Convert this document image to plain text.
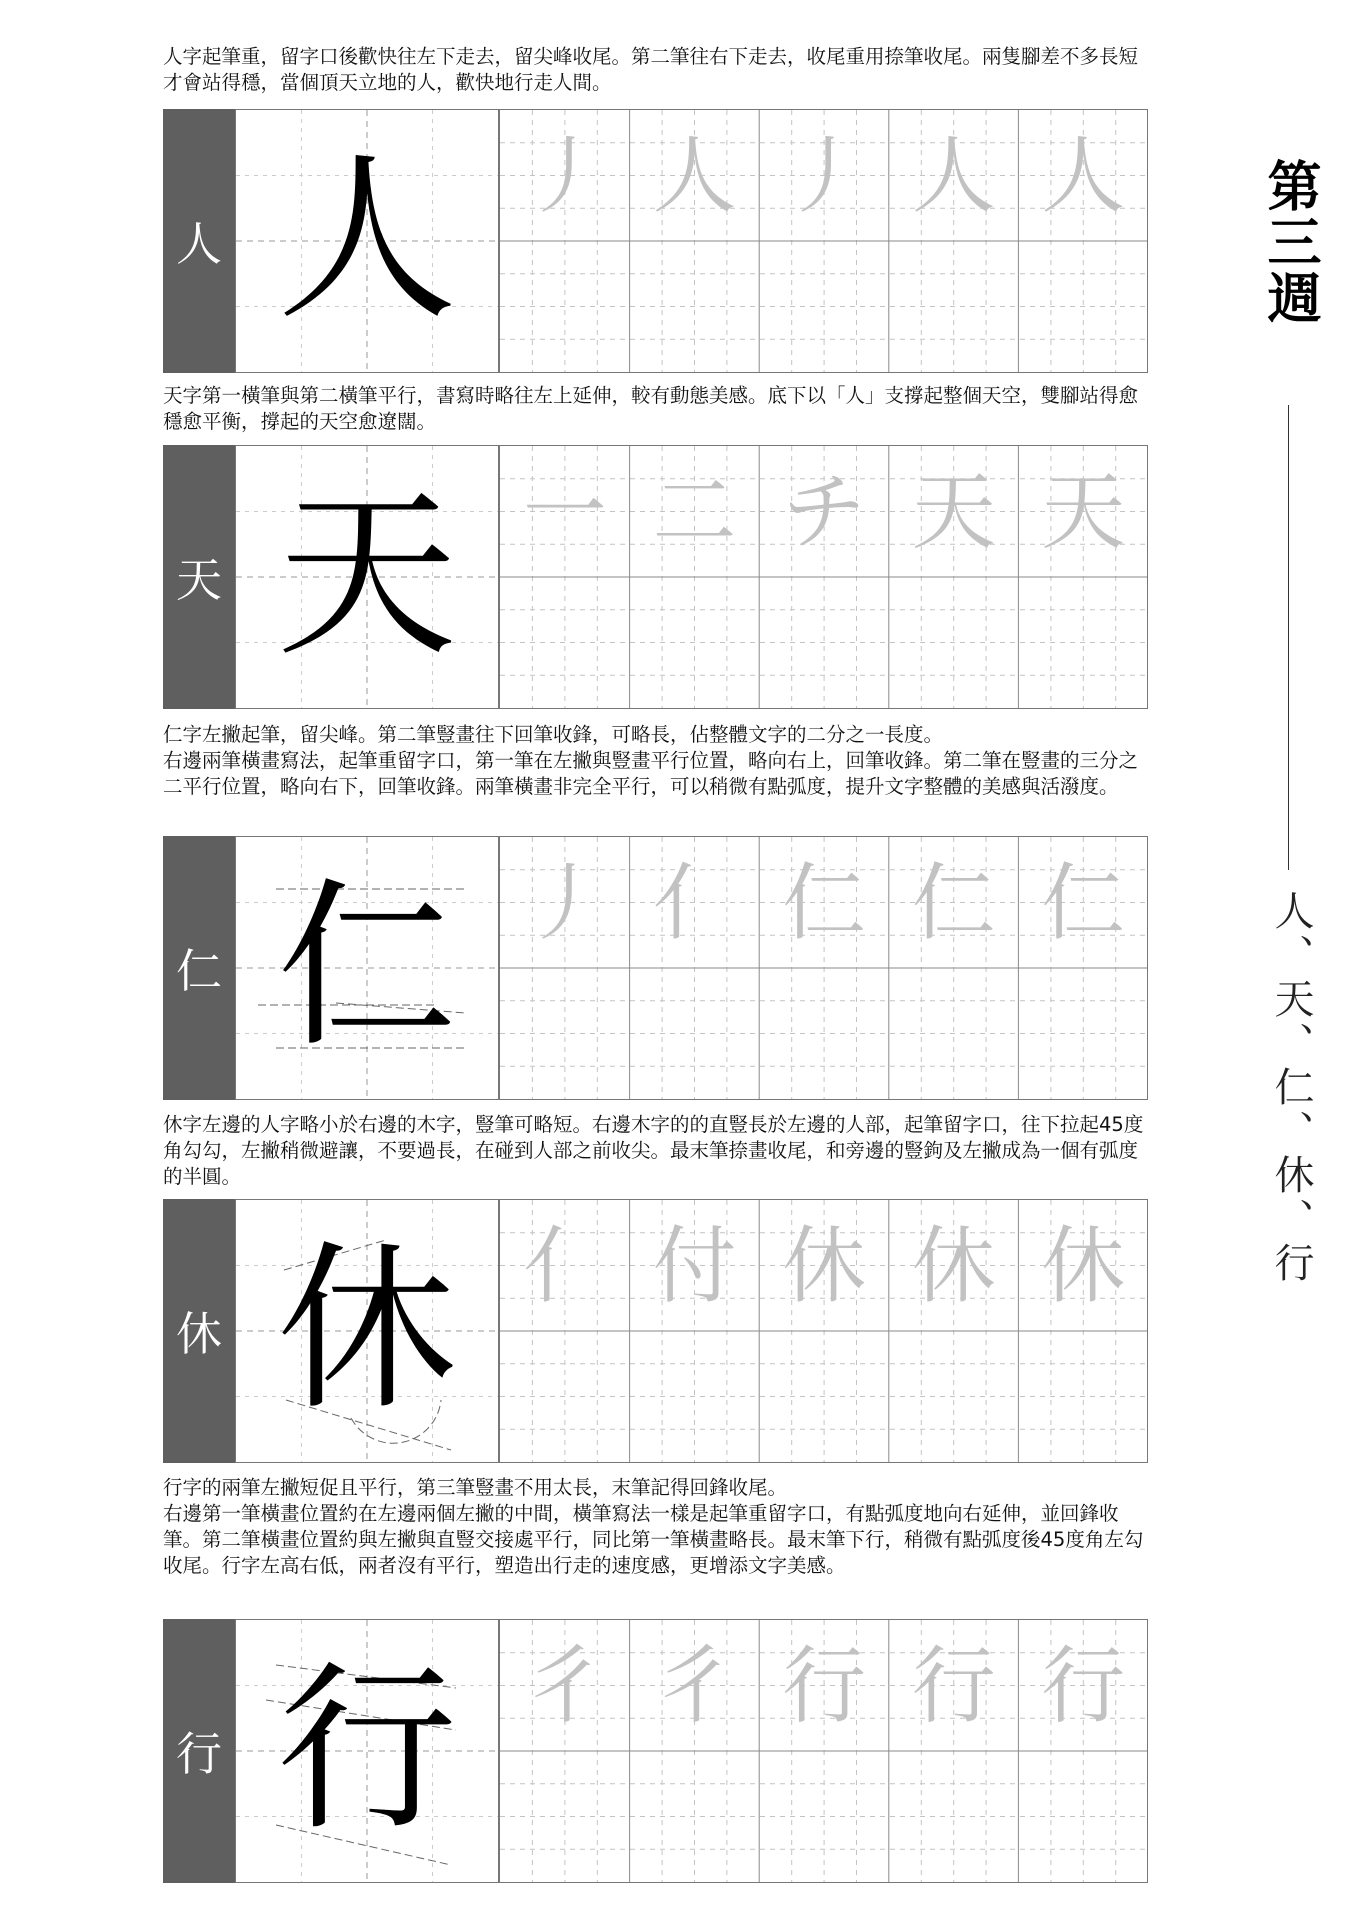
第三週
人、天、仁、休、行

人字起筆重，留字口後歡快往左下走去，留尖峰收尾。第二筆往右下走去，收尾重用捺筆收尾。兩隻腳差不多長短才會站得穩，當個頂天立地的人，歡快地行走人間。

人 人 丿 人 丿 人 人

天字第一橫筆與第二橫筆平行，書寫時略往左上延伸，較有動態美感。底下以「人」支撐起整個天空，雙腳站得愈穩愈平衡，撐起的天空愈遼闊。

天 天 一 二 チ 天 天

仁字左撇起筆，留尖峰。第二筆豎畫往下回筆收鋒，可略長，佔整體文字的二分之一長度。

右邊兩筆橫畫寫法，起筆重留字口，第一筆在左撇與豎畫平行位置，略向右上，回筆收鋒。第二筆在豎畫的三分之二平行位置，略向右下，回筆收鋒。兩筆橫畫非完全平行，可以稍微有點弧度，提升文字整體的美感與活潑度。

仁 仁 丿 亻 仁 仁 仁

休字左邊的人字略小於右邊的木字，豎筆可略短。右邊木字的的直豎長於左邊的人部，起筆留字口，往下拉起45度角勾勾，左撇稍微避讓，不要過長，在碰到人部之前收尖。最末筆捺畫收尾，和旁邊的豎鉤及左撇成為一個有弧度的半圓。

休 休 亻 付 休 休 休

行字的兩筆左撇短促且平行，第三筆豎畫不用太長，末筆記得回鋒收尾。

右邊第一筆橫畫位置約在左邊兩個左撇的中間，橫筆寫法一樣是起筆重留字口，有點弧度地向右延伸，並回鋒收筆。第二筆橫畫位置約與左撇與直豎交接處平行，同比第一筆橫畫略長。最末筆下行，稍微有點弧度後45度角左勾收尾。行字左高右低，兩者沒有平行，塑造出行走的速度感，更增添文字美感。

行 行 彳 彳 行 行 行
